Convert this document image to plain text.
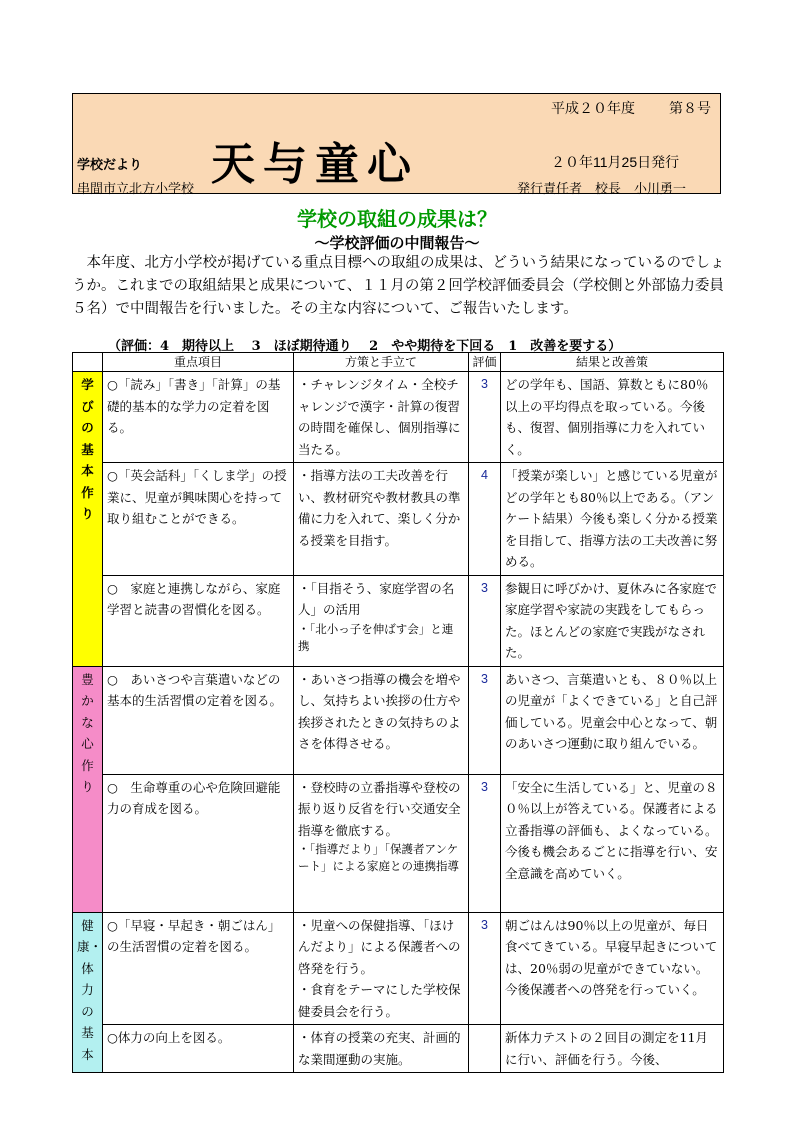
平成２０年度 第８号
学校だより 天与童心	２０年11月25日発行
串間市立北方小学校	発行責任者　校長　小川勇一
学校の取組の成果は？
～学校評価の中間報告～
　本年度、北方小学校が掲げている重点目標への取組の成果は、どういう結果になっているのでしょうか。これまでの取組結果と成果について、１１月の第２回学校評価委員会（学校側と外部協力委員５名）で中間報告を行いました。その主な内容について、ご報告いたします。
（評価：4　期待以上　 3　ほぼ期待通り　 2　やや期待を下回る　1　改善を要する）
	重点項目	方策と手立て	評価	結果と改善策
学びの基本作り	○「読み」「書き」「計算」の基礎的基本的な学力の定着を図る。	・チャレンジタイム・全校チャレンジで漢字・計算の復習の時間を確保し、個別指導に当たる。	3	どの学年も、国語、算数ともに80％以上の平均得点を取っている。今後も、復習、個別指導に力を入れていく。
	○「英会話科」「くしま学」の授業に、児童が興味関心を持って取り組むことができる。	・指導方法の工夫改善を行い、教材研究や教材教具の準備に力を入れて、楽しく分かる授業を目指す。	4	「授業が楽しい」と感じている児童がどの学年とも80％以上である。（アンケート結果）今後も楽しく分かる授業を目指して、指導方法の工夫改善に努める。
	○　家庭と連携しながら、家庭学習と読書の習慣化を図る。	・「目指そう、家庭学習の名人」の活用
・「北小っ子を伸ばす会」と連携	3	参観日に呼びかけ、夏休みに各家庭で家庭学習や家読の実践をしてもらった。ほとんどの家庭で実践がなされた。
豊かな心作り	○　あいさつや言葉遣いなどの基本的生活習慣の定着を図る。	・あいさつ指導の機会を増やし、気持ちよい挨拶の仕方や挨拶されたときの気持ちのよさを体得させる。	3	あいさつ、言葉遣いとも、８０％以上の児童が「よくできている」と自己評価している。児童会中心となって、朝のあいさつ運動に取り組んでいる。
	○　生命尊重の心や危険回避能力の育成を図る。	・登校時の立番指導や登校の振り返り反省を行い交通安全指導を徹底する。
・「指導だより」「保護者アンケート」による家庭との連携指導	3	「安全に生活している」と、児童の８０％以上が答えている。保護者による立番指導の評価も、よくなっている。　今後も機会あるごとに指導を行い、安全意識を高めていく。
健康・体力の基本	○「早寝・早起き・朝ごはん」の生活習慣の定着を図る。	・児童への保健指導、「ほけんだより」による保護者への啓発を行う。
・食育をテーマにした学校保健委員会を行う。	3	朝ごはんは90％以上の児童が、毎日食べてきている。早寝早起きについては、20％弱の児童ができていない。今後保護者への啓発を行っていく。
	○体力の向上を図る。	・体育の授業の充実、計画的な業間運動の実施。		新体力テストの２回目の測定を11月に行い、評価を行う。今後、
